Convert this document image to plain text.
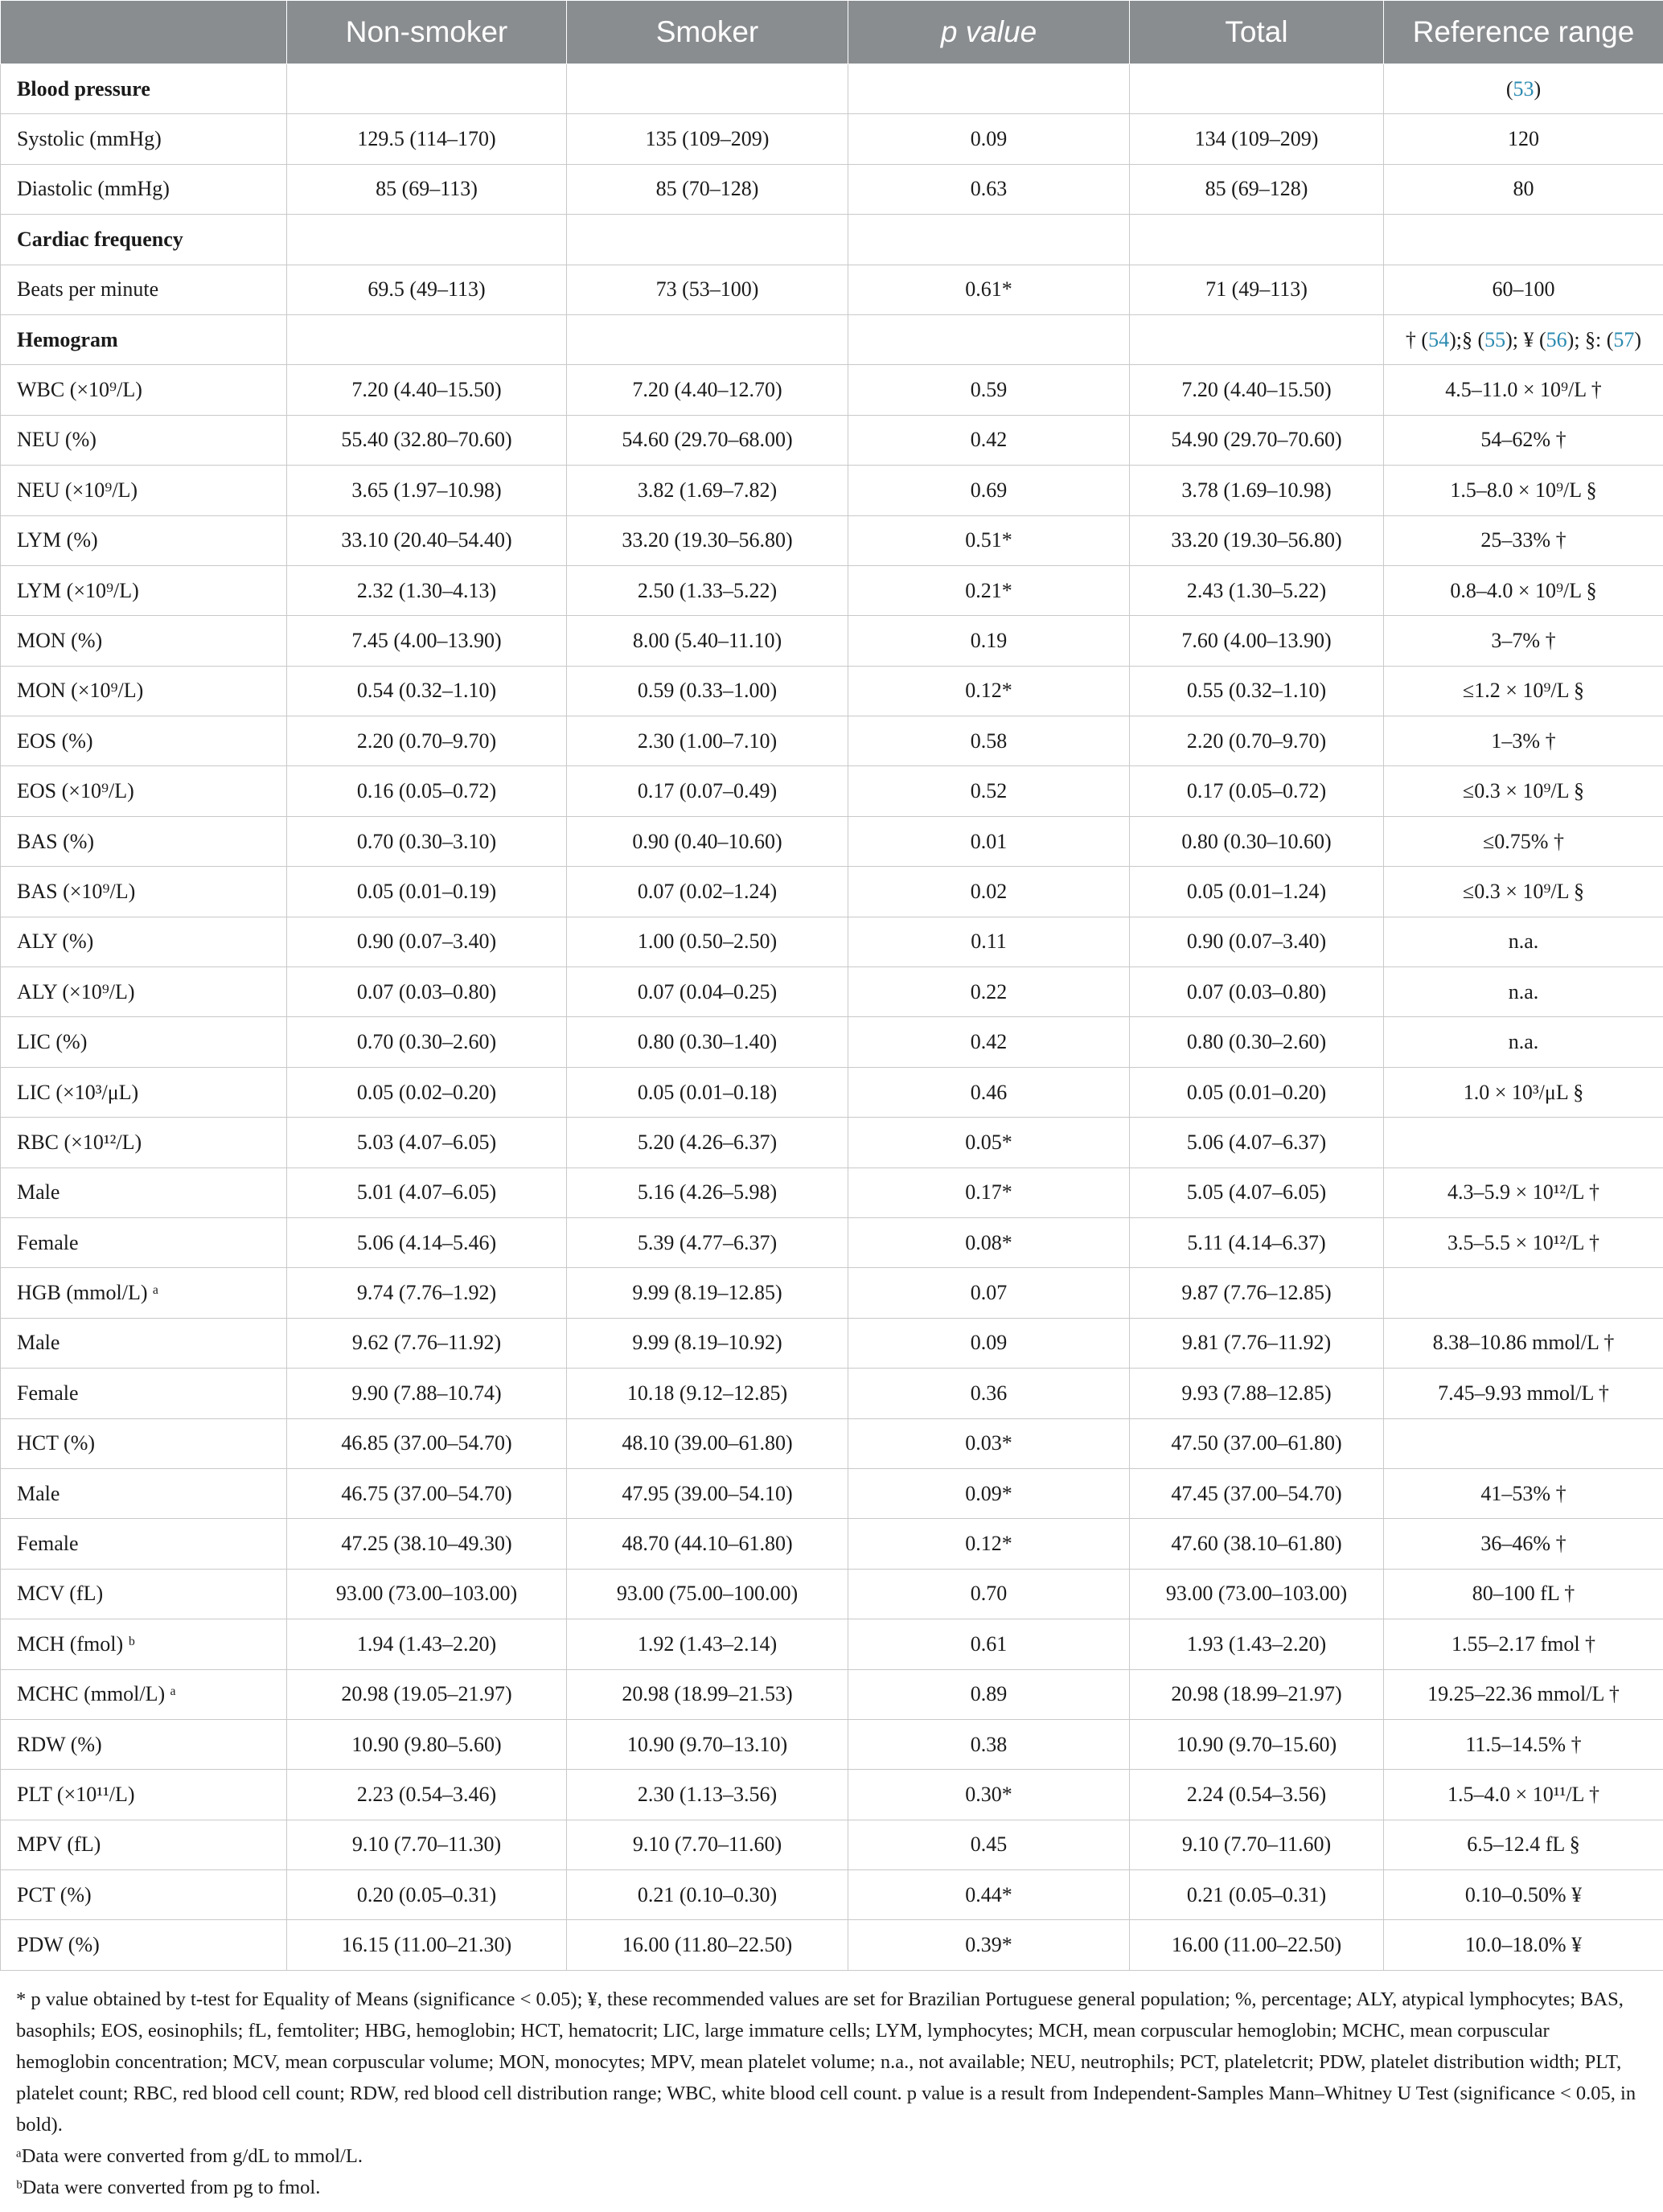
	Non-smoker	Smoker	p value	Total	Reference range
Blood pressure					(53)
Systolic (mmHg)	129.5 (114–170)	135 (109–209)	0.09	134 (109–209)	120
Diastolic (mmHg)	85 (69–113)	85 (70–128)	0.63	85 (69–128)	80
Cardiac frequency					
Beats per minute	69.5 (49–113)	73 (53–100)	0.61*	71 (49–113)	60–100
Hemogram					† (54);§ (55); ¥ (56); §: (57)
WBC (×10⁹/L)	7.20 (4.40–15.50)	7.20 (4.40–12.70)	0.59	7.20 (4.40–15.50)	4.5–11.0 × 10⁹/L †
NEU (%)	55.40 (32.80–70.60)	54.60 (29.70–68.00)	0.42	54.90 (29.70–70.60)	54–62% †
NEU (×10⁹/L)	3.65 (1.97–10.98)	3.82 (1.69–7.82)	0.69	3.78 (1.69–10.98)	1.5–8.0 × 10⁹/L §
LYM (%)	33.10 (20.40–54.40)	33.20 (19.30–56.80)	0.51*	33.20 (19.30–56.80)	25–33% †
LYM (×10⁹/L)	2.32 (1.30–4.13)	2.50 (1.33–5.22)	0.21*	2.43 (1.30–5.22)	0.8–4.0 × 10⁹/L §
MON (%)	7.45 (4.00–13.90)	8.00 (5.40–11.10)	0.19	7.60 (4.00–13.90)	3–7% †
MON (×10⁹/L)	0.54 (0.32–1.10)	0.59 (0.33–1.00)	0.12*	0.55 (0.32–1.10)	≤1.2 × 10⁹/L §
EOS (%)	2.20 (0.70–9.70)	2.30 (1.00–7.10)	0.58	2.20 (0.70–9.70)	1–3% †
EOS (×10⁹/L)	0.16 (0.05–0.72)	0.17 (0.07–0.49)	0.52	0.17 (0.05–0.72)	≤0.3 × 10⁹/L §
BAS (%)	0.70 (0.30–3.10)	0.90 (0.40–10.60)	0.01	0.80 (0.30–10.60)	≤0.75% †
BAS (×10⁹/L)	0.05 (0.01–0.19)	0.07 (0.02–1.24)	0.02	0.05 (0.01–1.24)	≤0.3 × 10⁹/L §
ALY (%)	0.90 (0.07–3.40)	1.00 (0.50–2.50)	0.11	0.90 (0.07–3.40)	n.a.
ALY (×10⁹/L)	0.07 (0.03–0.80)	0.07 (0.04–0.25)	0.22	0.07 (0.03–0.80)	n.a.
LIC (%)	0.70 (0.30–2.60)	0.80 (0.30–1.40)	0.42	0.80 (0.30–2.60)	n.a.
LIC (×10³/μL)	0.05 (0.02–0.20)	0.05 (0.01–0.18)	0.46	0.05 (0.01–0.20)	1.0 × 10³/μL §
RBC (×10¹²/L)	5.03 (4.07–6.05)	5.20 (4.26–6.37)	0.05*	5.06 (4.07–6.37)	
Male	5.01 (4.07–6.05)	5.16 (4.26–5.98)	0.17*	5.05 (4.07–6.05)	4.3–5.9 × 10¹²/L †
Female	5.06 (4.14–5.46)	5.39 (4.77–6.37)	0.08*	5.11 (4.14–6.37)	3.5–5.5 × 10¹²/L †
HGB (mmol/L) ᵃ	9.74 (7.76–1.92)	9.99 (8.19–12.85)	0.07	9.87 (7.76–12.85)	
Male	9.62 (7.76–11.92)	9.99 (8.19–10.92)	0.09	9.81 (7.76–11.92)	8.38–10.86 mmol/L †
Female	9.90 (7.88–10.74)	10.18 (9.12–12.85)	0.36	9.93 (7.88–12.85)	7.45–9.93 mmol/L †
HCT (%)	46.85 (37.00–54.70)	48.10 (39.00–61.80)	0.03*	47.50 (37.00–61.80)	
Male	46.75 (37.00–54.70)	47.95 (39.00–54.10)	0.09*	47.45 (37.00–54.70)	41–53% †
Female	47.25 (38.10–49.30)	48.70 (44.10–61.80)	0.12*	47.60 (38.10–61.80)	36–46% †
MCV (fL)	93.00 (73.00–103.00)	93.00 (75.00–100.00)	0.70	93.00 (73.00–103.00)	80–100 fL †
MCH (fmol) ᵇ	1.94 (1.43–2.20)	1.92 (1.43–2.14)	0.61	1.93 (1.43–2.20)	1.55–2.17 fmol †
MCHC (mmol/L) ᵃ	20.98 (19.05–21.97)	20.98 (18.99–21.53)	0.89	20.98 (18.99–21.97)	19.25–22.36 mmol/L †
RDW (%)	10.90 (9.80–5.60)	10.90 (9.70–13.10)	0.38	10.90 (9.70–15.60)	11.5–14.5% †
PLT (×10¹¹/L)	2.23 (0.54–3.46)	2.30 (1.13–3.56)	0.30*	2.24 (0.54–3.56)	1.5–4.0 × 10¹¹/L †
MPV (fL)	9.10 (7.70–11.30)	9.10 (7.70–11.60)	0.45	9.10 (7.70–11.60)	6.5–12.4 fL §
PCT (%)	0.20 (0.05–0.31)	0.21 (0.10–0.30)	0.44*	0.21 (0.05–0.31)	0.10–0.50% ¥
PDW (%)	16.15 (11.00–21.30)	16.00 (11.80–22.50)	0.39*	16.00 (11.00–22.50)	10.0–18.0% ¥

* p value obtained by t-test for Equality of Means (significance < 0.05); ¥, these recommended values are set for Brazilian Portuguese general population; %, percentage; ALY, atypical lymphocytes; BAS, basophils; EOS, eosinophils; fL, femtoliter; HBG, hemoglobin; HCT, hematocrit; LIC, large immature cells; LYM, lymphocytes; MCH, mean corpuscular hemoglobin; MCHC, mean corpuscular hemoglobin concentration; MCV, mean corpuscular volume; MON, monocytes; MPV, mean platelet volume; n.a., not available; NEU, neutrophils; PCT, plateletcrit; PDW, platelet distribution width; PLT, platelet count; RBC, red blood cell count; RDW, red blood cell distribution range; WBC, white blood cell count. p value is a result from Independent-Samples Mann–Whitney U Test (significance < 0.05, in bold).

ᵃData were converted from g/dL to mmol/L.

ᵇData were converted from pg to fmol.
